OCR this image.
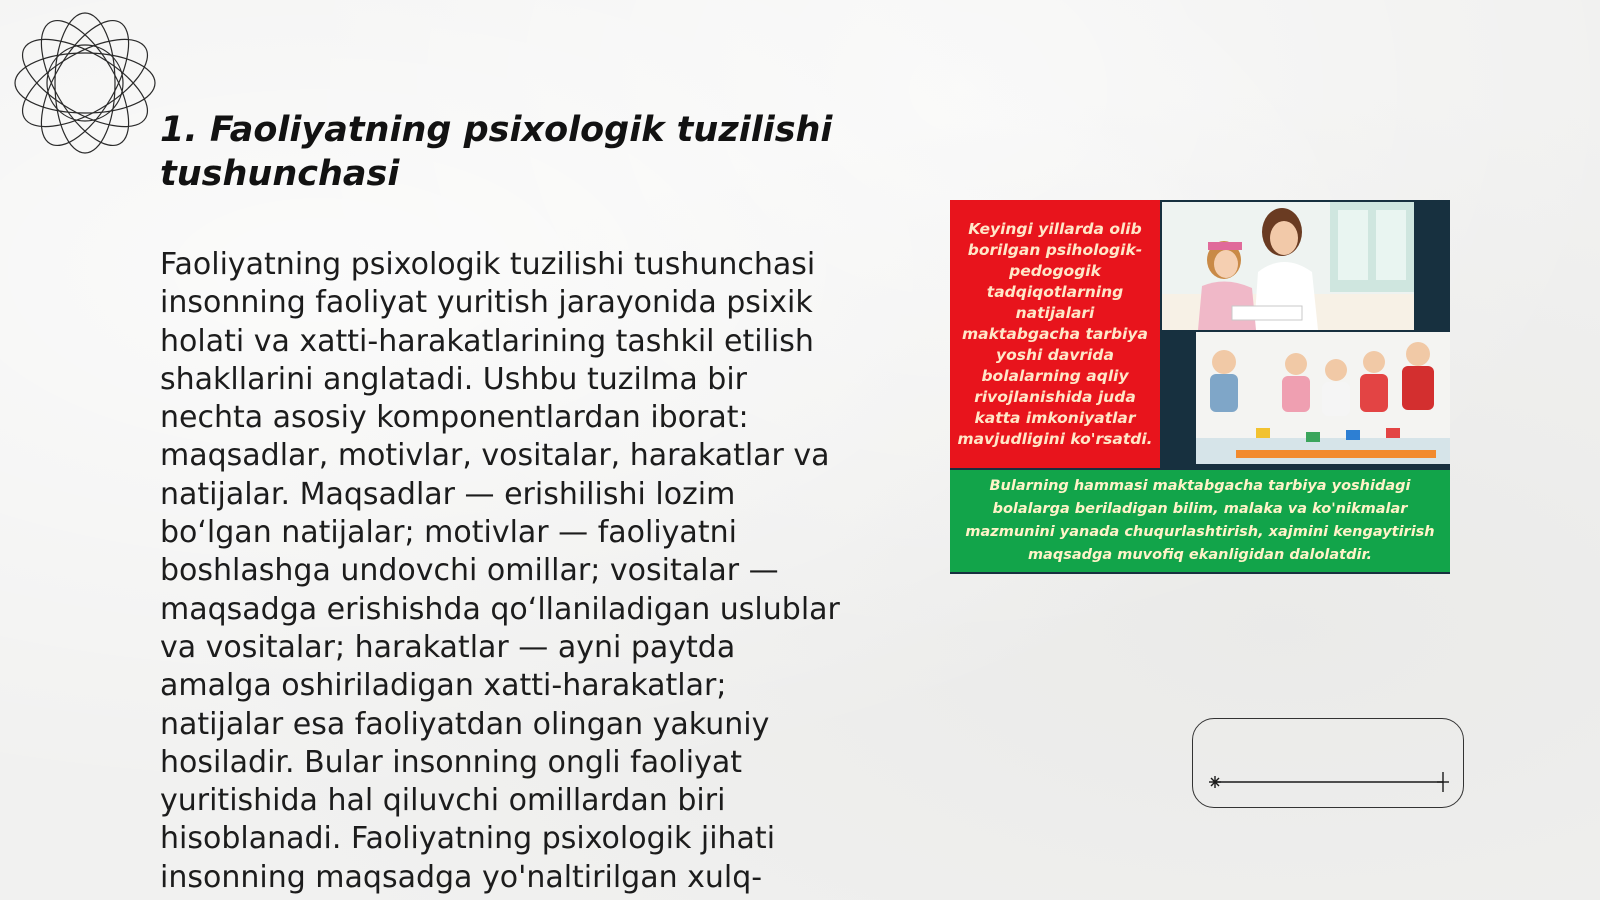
1. Faoliyatning psixologik tuzilishi tushunchasi

Faoliyatning psixologik tuzilishi tushunchasi insonning faoliyat yuritish jarayonida psixik holati va xatti-harakatlarining tashkil etilish shakllarini anglatadi. Ushbu tuzilma bir nechta asosiy komponentlardan iborat: maqsadlar, motivlar, vositalar, harakatlar va natijalar. Maqsadlar — erishilishi lozim boʻlgan natijalar; motivlar — faoliyatni boshlashga undovchi omillar; vositalar — maqsadga erishishda qoʻllaniladigan uslublar va vositalar; harakatlar — ayni paytda amalga oshiriladigan xatti-harakatlar; natijalar esa faoliyatdan olingan yakuniy hosiladir. Bular insonning ongli faoliyat yuritishida hal qiluvchi omillardan biri hisoblanadi. Faoliyatning psixologik jihati insonning maqsadga yo'naltirilgan xulq-

Keyingi yillarda olib borilgan psihologik-pedogogik tadqiqotlarning natijalari maktabgacha tarbiya yoshi davrida bolalarning aqliy rivojlanishida juda katta imkoniyatlar mavjudligini ko'rsatdi.

Bularning hammasi maktabgacha tarbiya yoshidagi bolalarga beriladigan bilim, malaka va ko'nikmalar mazmunini yanada chuqurlashtirish, xajmini kengaytirish maqsadga muvofiq ekanligidan dalolatdir.
